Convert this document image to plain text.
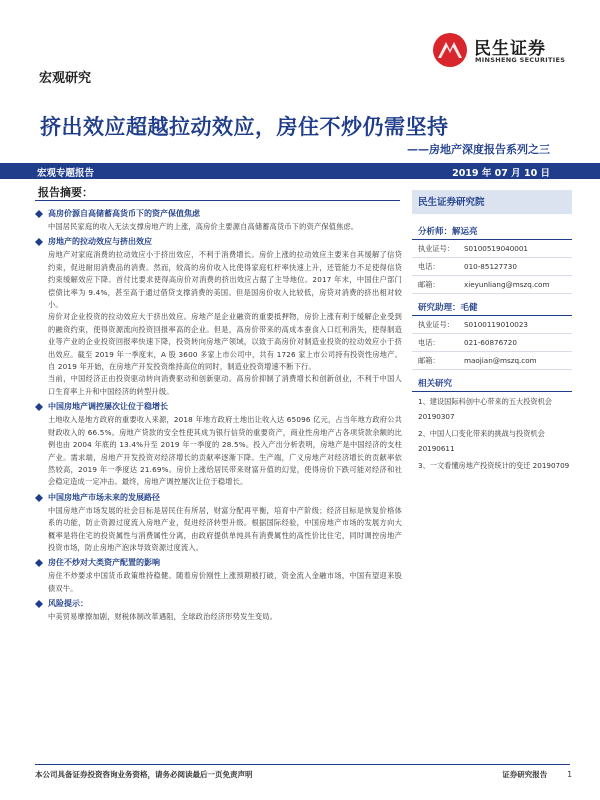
民生证券
MINSHENG SECURITIES
宏观研究
挤出效应超越拉动效应，房住不炒仍需坚持
——房地产深度报告系列之三
宏观专题报告	2019 年 07 月 10 日
报告摘要：
高房价源自高储蓄高货币下的资产保值焦虑

中国居民家庭的收入无法支撑房地产的上涨，高房价主要源自高储蓄高货币下的资产保值焦虑。

房地产的拉动效应与挤出效应

房地产对家庭消费的拉动效应小于挤出效应，不利于消费增长。房价上涨的拉动效应主要来自其缓解了信贷约束，促进耐用消费品的消费。然而，较高的房价收入比使得家庭杠杆率快速上升，还管能力不足使得信贷约束缓解效应下降。首付比要求使得高房价对消费的挤出效应占据了主导地位。2017 年末，中国住户部门偿债比率为 9.4%，甚至高于通过借贷支撑消费的美国。但是国房价收入比较低，房贷对消费的挤出相对较小。

房价对企业投资的拉动效应大于挤出效应。房地产是企业融资的重要抵押物，房价上涨有利于缓解企业受到的融资约束，使得资源流向投资回报率高的企业。但是，高房价带来的高成本蚕食入口红利消失，使得制造业等产业的企业投资回报率快速下降，投资转向房地产领域，以致于高房价对制造业投资的拉动效应小于挤出效应。截至 2019 年一季度末，A 股 3600 多家上市公司中，共有 1726 家上市公司持有投资性房地产。自 2019 年开始，在房地产开发投资维持高位的同时，制造业投资增速不断下行。

当前，中国经济正由投资驱动转向消费驱动和创新驱动。高房价抑制了消费增长和创新创业，不利于中国人口生育率上升和中国经济的转型升级。

中国房地产调控屡次让位于稳增长

土地收入是地方政府的重要收入来源，2018 年地方政府土地出让收入达 65096 亿元，占当年地方政府公共财政收入的 66.5%。房地产贷款的安全性使其成为银行信贷的重要资产，商业性房地产占各项贷款余额的比例也由 2004 年底的 13.4%升至 2019 年一季度的 28.5%。投入产出分析表明，房地产是中国经济的支柱产业。需求端，房地产开发投资对经济增长的贡献率逐渐下降。生产端，广义房地产对经济增长的贡献率依然较高，2019 年一季度达 21.69%。房价上涨给居民带来财富升值的幻觉，使得房价下跌可能对经济和社会稳定造成一定冲击。最终，房地产调控屡次让位于稳增长。

中国房地产市场未来的发展路径

中国房地产市场发展的社会目标是居民住有所居，财富分配再平衡，培育中产阶级；经济目标是恢复价格体系的功能，防止资源过度流入房地产业，促进经济转型升级。根据国际经验，中国房地产市场的发展方向大概率是将住宅的投资属性与消费属性分离，由政府提供单纯具有消费属性的高性价比住宅，同时调控房地产投资市场，防止房地产泡沫导致资源过度流入。

房住不炒对大类资产配置的影响

房住不炒要求中国货币政策维持稳健。随着房价刚性上涨预期被打破，资金流入金融市场，中国有望迎来股债双牛。

风险提示：

中美贸易摩擦加剧，财税体制改革遇阻，全球政治经济形势发生变局。

民生证券研究院
分析师：解运亮
执业证号：	S0100519040001
电话：	010-85127730
邮箱：	xieyunliang@mszq.com
研究助理：毛健
执业证号：	S0100119010023
电话：	021-60876720
邮箱：	maojian@mszq.com
相关研究
1、建设国际科创中心带来的五大投资机会 20190307
2、中国人口变化带来的挑战与投资机会 20190611
3、一文看懂房地产投资统计的变迁 20190709
本公司具备证券投资咨询业务资格，请务必阅读最后一页免责声明	证券研究报告	1
